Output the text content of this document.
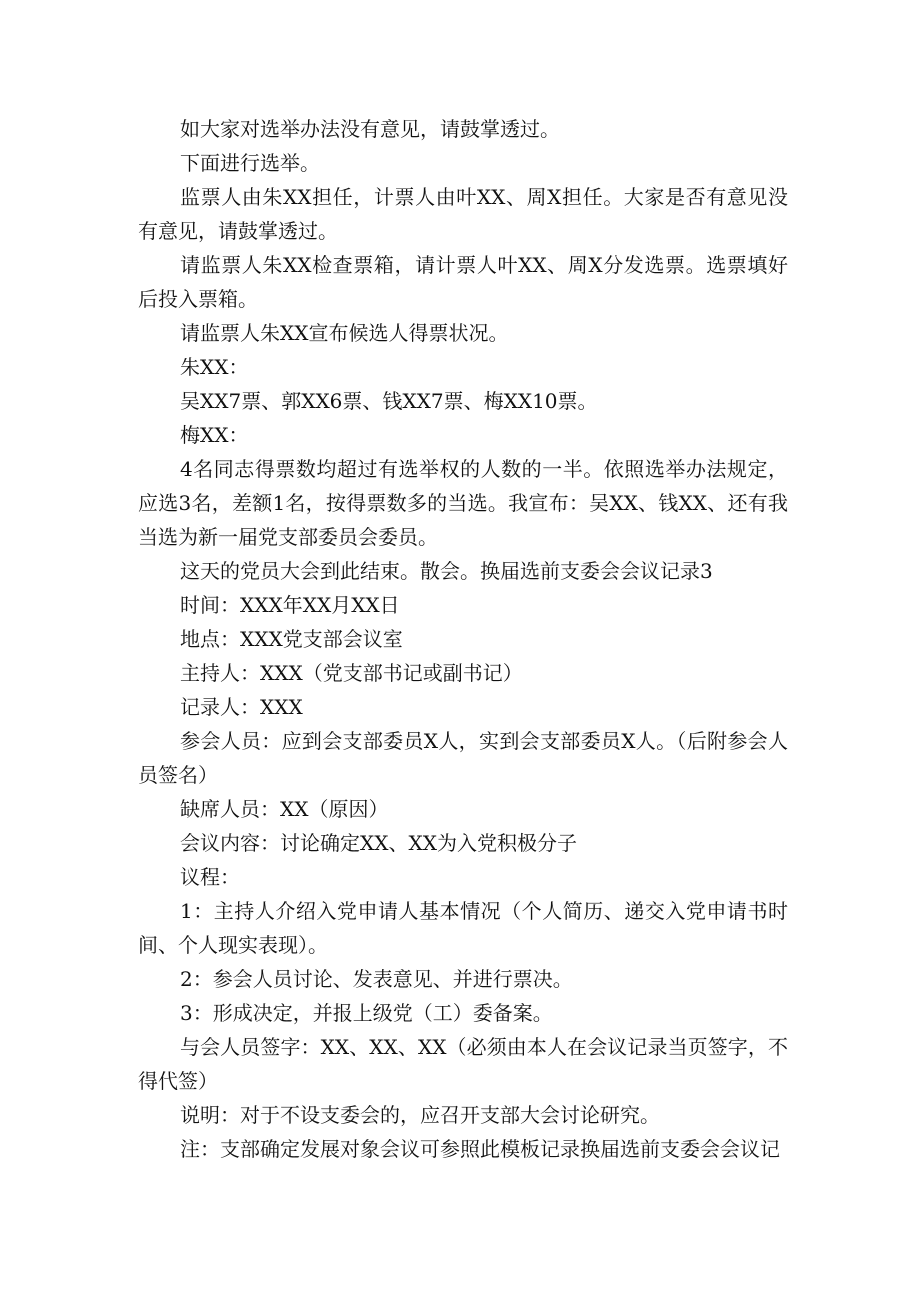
如大家对选举办法没有意见，请鼓掌透过。

下面进行选举。

监票人由朱XX担任，计票人由叶XX、周X担任。大家是否有意见没有意见，请鼓掌透过。

请监票人朱XX检查票箱，请计票人叶XX、周X分发选票。选票填好后投入票箱。

请监票人朱XX宣布候选人得票状况。

朱XX：

吴XX7票、郭XX6票、钱XX7票、梅XX10票。

梅XX：

4名同志得票数均超过有选举权的人数的一半。依照选举办法规定，应选3名，差额1名，按得票数多的当选。我宣布：吴XX、钱XX、还有我当选为新一届党支部委员会委员。

这天的党员大会到此结束。散会。换届选前支委会会议记录3

时间：XXX年XX月XX日

地点：XXX党支部会议室

主持人：XXX（党支部书记或副书记）

记录人：XXX

参会人员：应到会支部委员X人，实到会支部委员X人。（后附参会人员签名）

缺席人员：XX（原因）

会议内容：讨论确定XX、XX为入党积极分子

议程：

1：主持人介绍入党申请人基本情况（个人简历、递交入党申请书时间、个人现实表现）。

2：参会人员讨论、发表意见、并进行票决。

3：形成决定，并报上级党（工）委备案。

与会人员签字：XX、XX、XX（必须由本人在会议记录当页签字，不得代签）

说明：对于不设支委会的，应召开支部大会讨论研究。

注：支部确定发展对象会议可参照此模板记录换届选前支委会会议记
